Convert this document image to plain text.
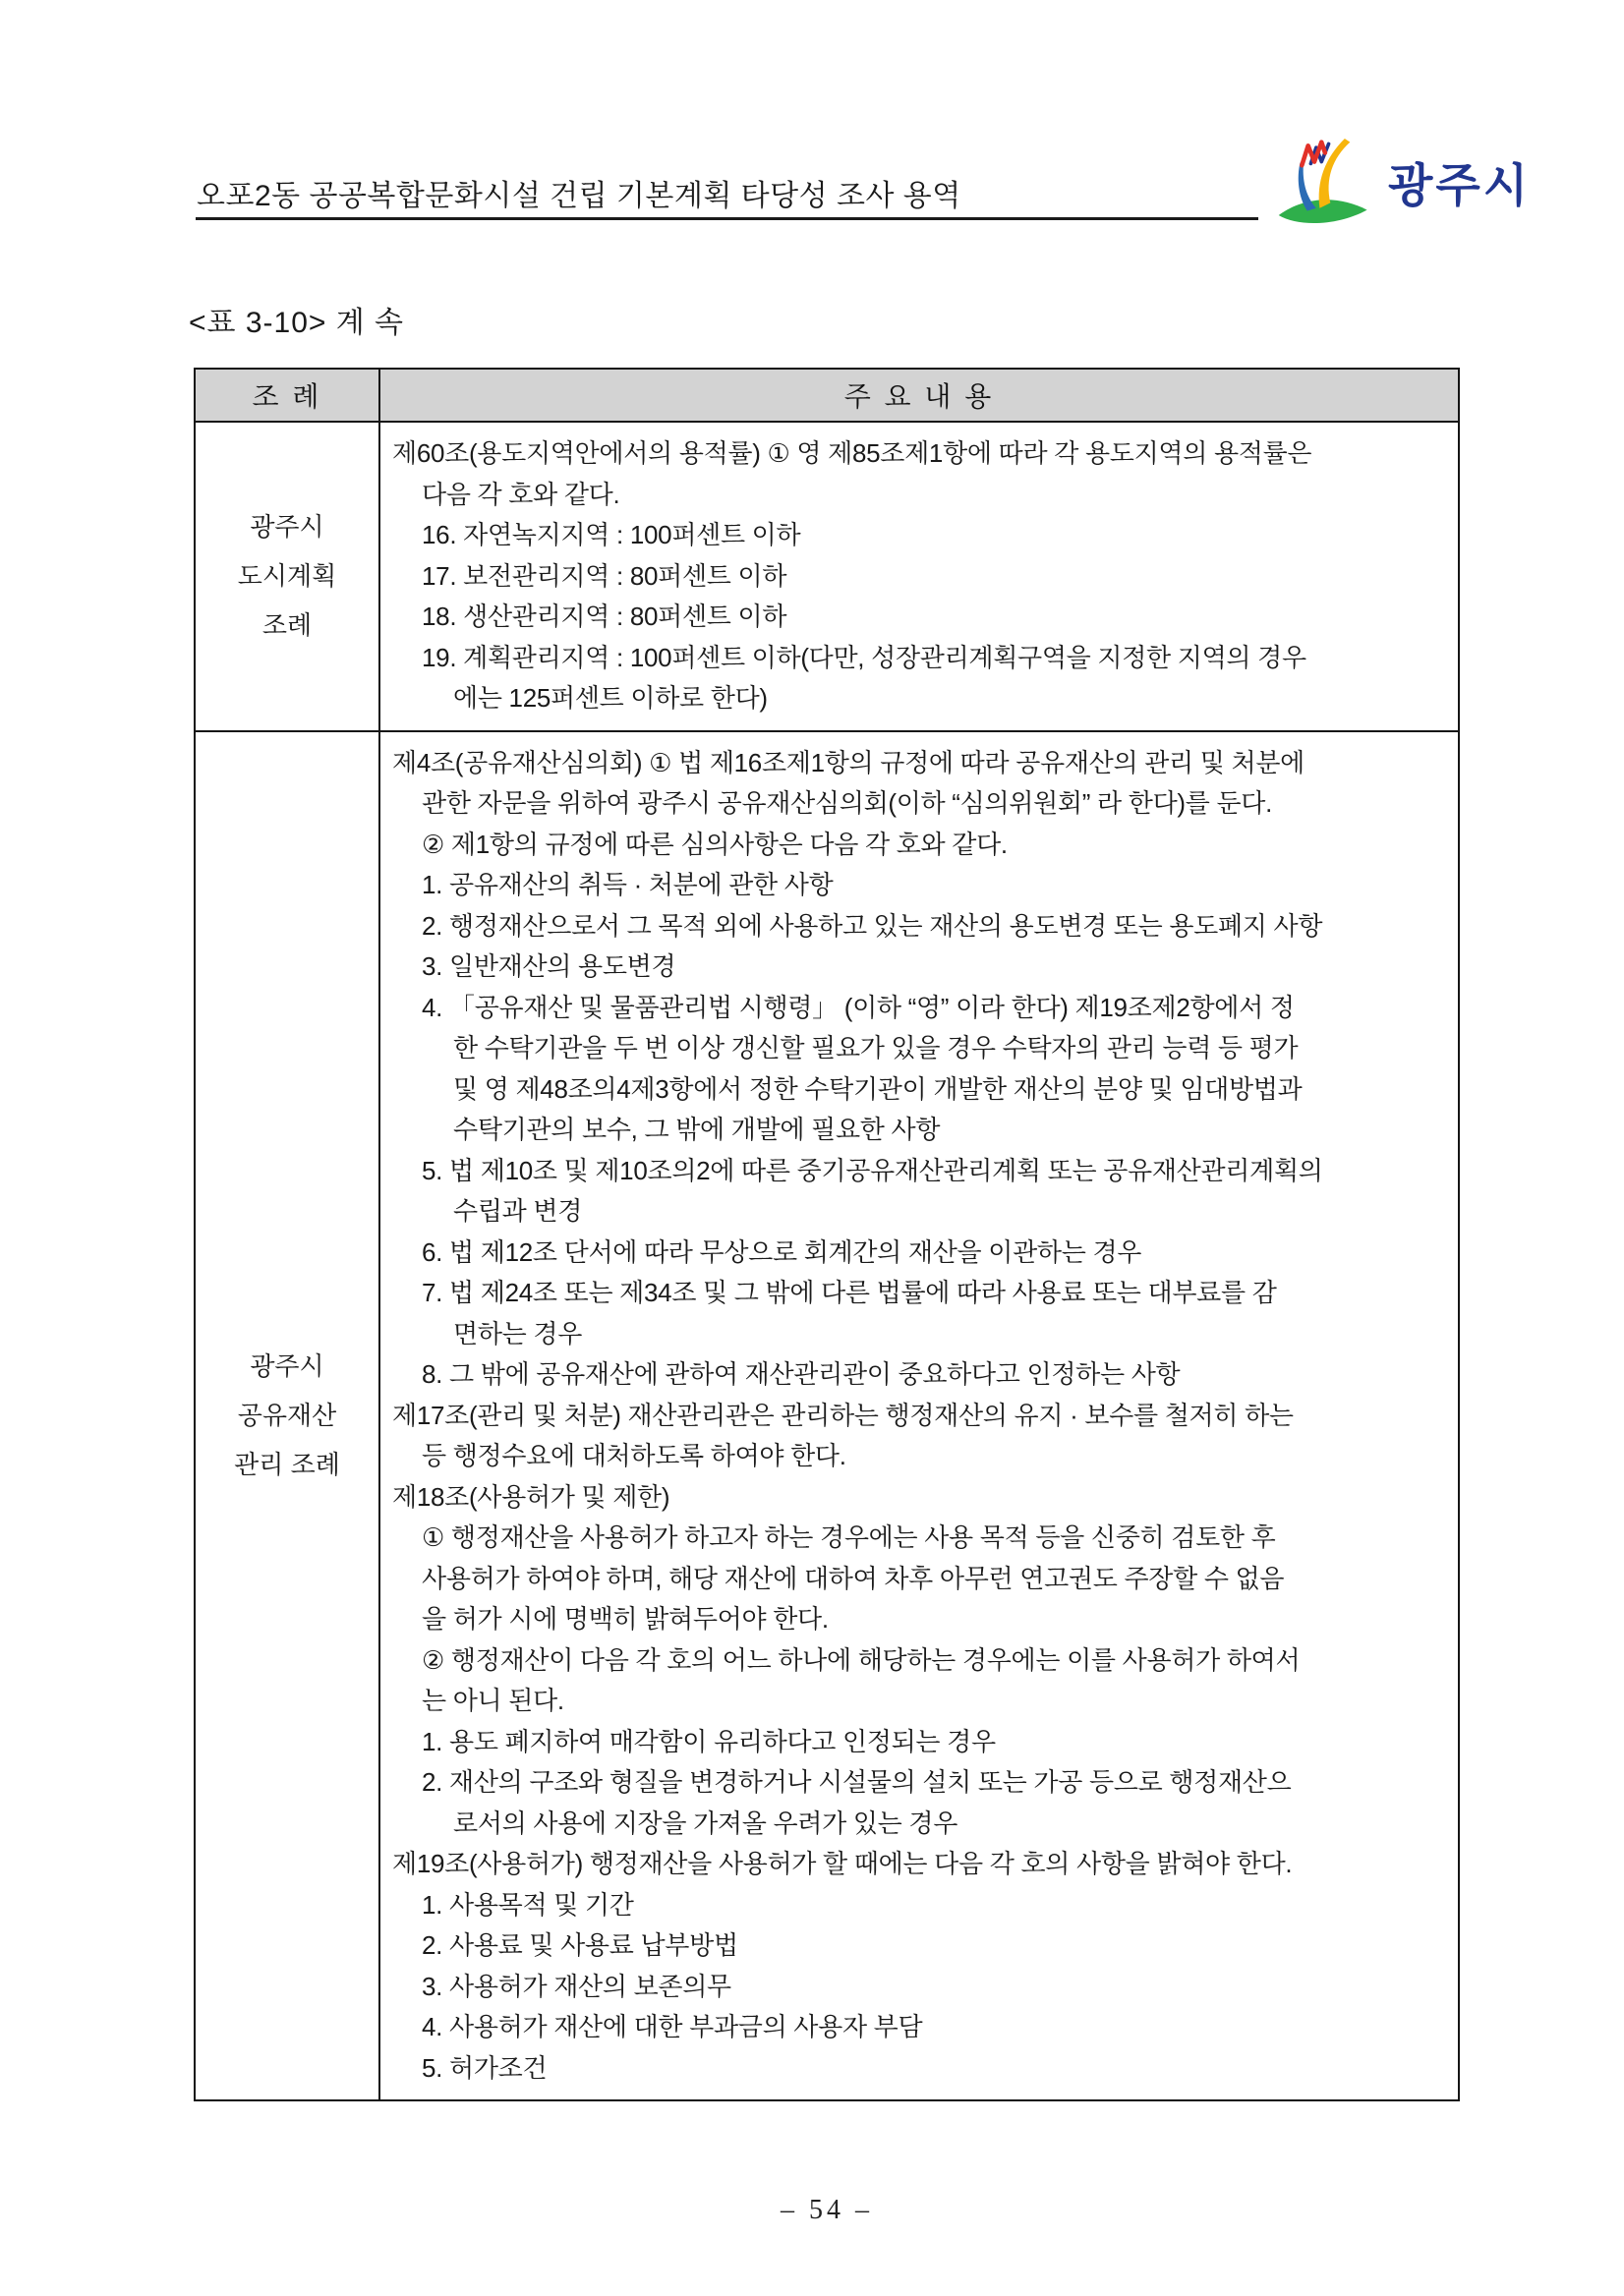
오포2동 공공복합문화시설 건립 기본계획 타당성 조사 용역	광주시
<표 3-10> 계 속
조 례	주 요 내 용

광주시
도시계획
조례

제60조(용도지역안에서의 용적률) ① 영 제85조제1항에 따라 각 용도지역의 용적률은
다음 각 호와 같다.
16. 자연녹지지역 : 100퍼센트 이하
17. 보전관리지역 : 80퍼센트 이하
18. 생산관리지역 : 80퍼센트 이하
19. 계획관리지역 : 100퍼센트 이하(다만, 성장관리계획구역을 지정한 지역의 경우
에는 125퍼센트 이하로 한다)

광주시
공유재산
관리 조례

제4조(공유재산심의회) ① 법 제16조제1항의 규정에 따라 공유재산의 관리 및 처분에
관한 자문을 위하여 광주시 공유재산심의회(이하 “심의위원회” 라 한다)를 둔다.
② 제1항의 규정에 따른 심의사항은 다음 각 호와 같다.
1. 공유재산의 취득 · 처분에 관한 사항
2. 행정재산으로서 그 목적 외에 사용하고 있는 재산의 용도변경 또는 용도폐지 사항
3. 일반재산의 용도변경
4. 「공유재산 및 물품관리법 시행령」 (이하 “영” 이라 한다) 제19조제2항에서 정
한 수탁기관을 두 번 이상 갱신할 필요가 있을 경우 수탁자의 관리 능력 등 평가
및 영 제48조의4제3항에서 정한 수탁기관이 개발한 재산의 분양 및 임대방법과
수탁기관의 보수, 그 밖에 개발에 필요한 사항
5. 법 제10조 및 제10조의2에 따른 중기공유재산관리계획 또는 공유재산관리계획의
수립과 변경
6. 법 제12조 단서에 따라 무상으로 회계간의 재산을 이관하는 경우
7. 법 제24조 또는 제34조 및 그 밖에 다른 법률에 따라 사용료 또는 대부료를 감
면하는 경우
8. 그 밖에 공유재산에 관하여 재산관리관이 중요하다고 인정하는 사항
제17조(관리 및 처분) 재산관리관은 관리하는 행정재산의 유지 · 보수를 철저히 하는
등 행정수요에 대처하도록 하여야 한다.
제18조(사용허가 및 제한)
① 행정재산을 사용허가 하고자 하는 경우에는 사용 목적 등을 신중히 검토한 후
사용허가 하여야 하며, 해당 재산에 대하여 차후 아무런 연고권도 주장할 수 없음
을 허가 시에 명백히 밝혀두어야 한다.
② 행정재산이 다음 각 호의 어느 하나에 해당하는 경우에는 이를 사용허가 하여서
는 아니 된다.
1. 용도 폐지하여 매각함이 유리하다고 인정되는 경우
2. 재산의 구조와 형질을 변경하거나 시설물의 설치 또는 가공 등으로 행정재산으
로서의 사용에 지장을 가져올 우려가 있는 경우
제19조(사용허가) 행정재산을 사용허가 할 때에는 다음 각 호의 사항을 밝혀야 한다.
1. 사용목적 및 기간
2. 사용료 및 사용료 납부방법
3. 사용허가 재산의 보존의무
4. 사용허가 재산에 대한 부과금의 사용자 부담
5. 허가조건
– 54 –
